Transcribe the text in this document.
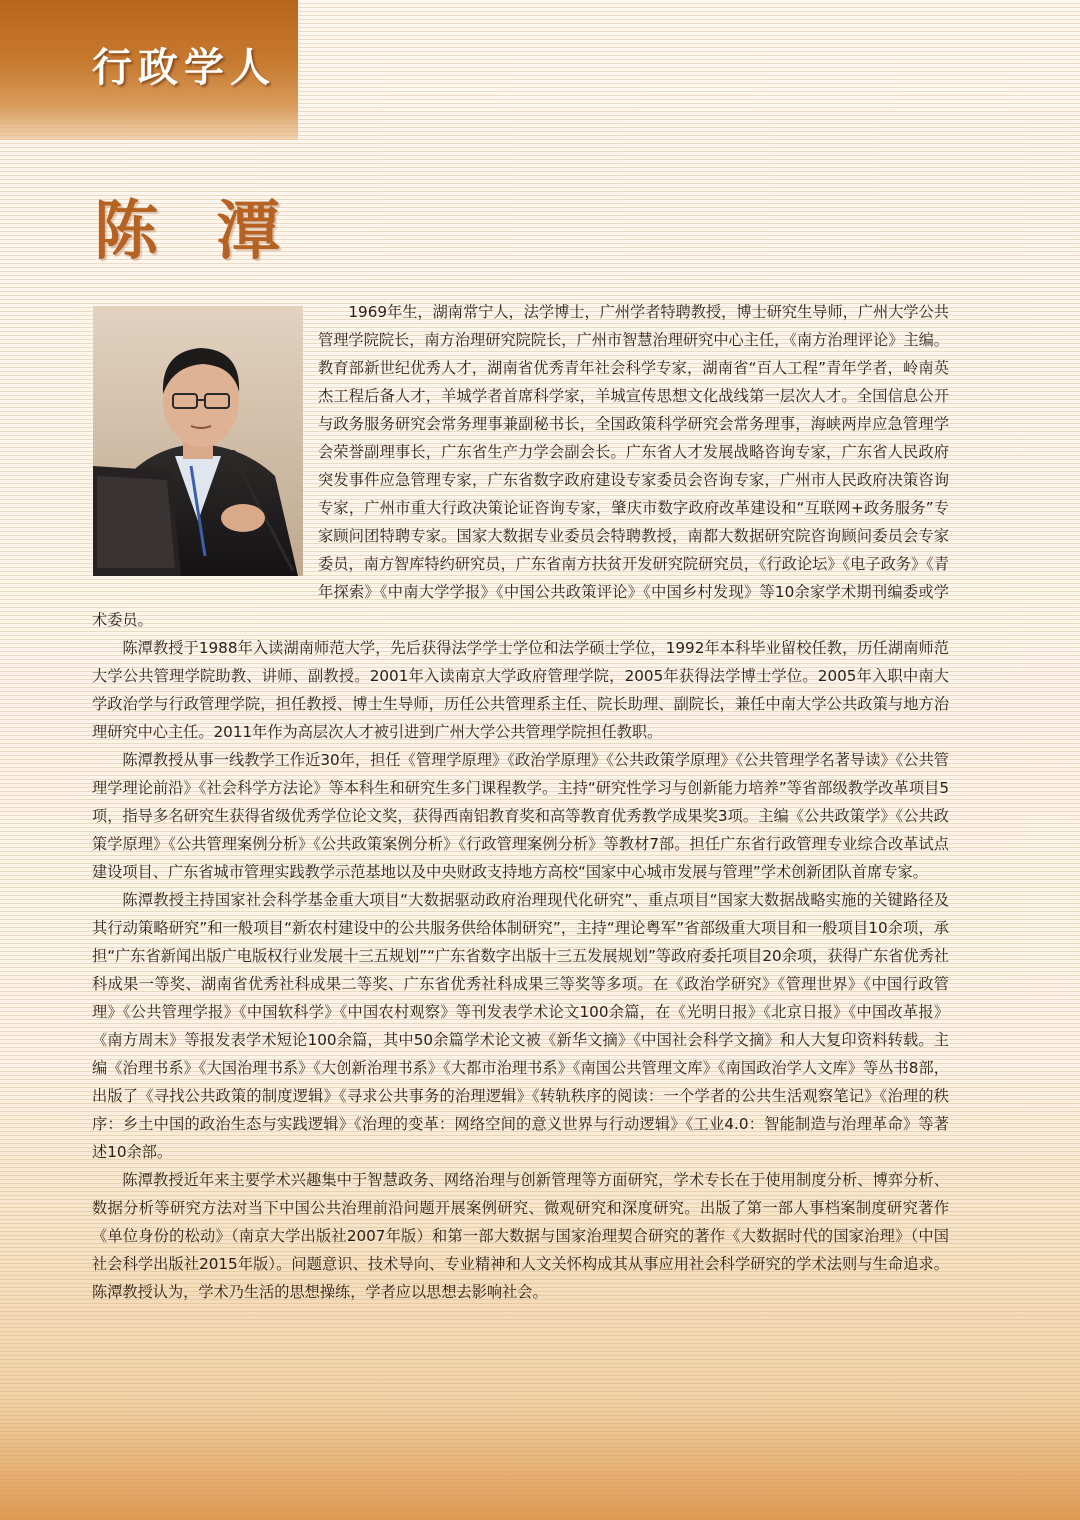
行政学人
陈 潭

1969年生，湖南常宁人，法学博士，广州学者特聘教授，博士研究生导师，广州大学公共管理学院院长，南方治理研究院院长，广州市智慧治理研究中心主任，《南方治理评论》主编。教育部新世纪优秀人才，湖南省优秀青年社会科学专家，湖南省“百人工程”青年学者，岭南英杰工程后备人才，羊城学者首席科学家，羊城宣传思想文化战线第一层次人才。全国信息公开与政务服务研究会常务理事兼副秘书长，全国政策科学研究会常务理事，海峡两岸应急管理学会荣誉副理事长，广东省生产力学会副会长。广东省人才发展战略咨询专家，广东省人民政府突发事件应急管理专家，广东省数字政府建设专家委员会咨询专家，广州市人民政府决策咨询专家，广州市重大行政决策论证咨询专家，肇庆市数字政府改革建设和“互联网+政务服务”专家顾问团特聘专家。国家大数据专业委员会特聘教授，南都大数据研究院咨询顾问委员会专家委员，南方智库特约研究员，广东省南方扶贫开发研究院研究员，《行政论坛》《电子政务》《青年探索》《中南大学学报》《中国公共政策评论》《中国乡村发现》等10余家学术期刊编委或学术委员。

陈潭教授于1988年入读湖南师范大学，先后获得法学学士学位和法学硕士学位，1992年本科毕业留校任教，历任湖南师范大学公共管理学院助教、讲师、副教授。2001年入读南京大学政府管理学院，2005年获得法学博士学位。2005年入职中南大学政治学与行政管理学院，担任教授、博士生导师，历任公共管理系主任、院长助理、副院长，兼任中南大学公共政策与地方治理研究中心主任。2011年作为高层次人才被引进到广州大学公共管理学院担任教职。

陈潭教授从事一线教学工作近30年，担任《管理学原理》《政治学原理》《公共政策学原理》《公共管理学名著导读》《公共管理学理论前沿》《社会科学方法论》等本科生和研究生多门课程教学。主持“研究性学习与创新能力培养”等省部级教学改革项目5项，指导多名研究生获得省级优秀学位论文奖，获得西南铝教育奖和高等教育优秀教学成果奖3项。主编《公共政策学》《公共政策学原理》《公共管理案例分析》《公共政策案例分析》《行政管理案例分析》等教材7部。担任广东省行政管理专业综合改革试点建设项目、广东省城市管理实践教学示范基地以及中央财政支持地方高校“国家中心城市发展与管理”学术创新团队首席专家。

陈潭教授主持国家社会科学基金重大项目“大数据驱动政府治理现代化研究”、重点项目“国家大数据战略实施的关键路径及其行动策略研究”和一般项目“新农村建设中的公共服务供给体制研究”，主持“理论粤军”省部级重大项目和一般项目10余项，承担“广东省新闻出版广电版权行业发展十三五规划”“广东省数字出版十三五发展规划”等政府委托项目20余项，获得广东省优秀社科成果一等奖、湖南省优秀社科成果二等奖、广东省优秀社科成果三等奖等多项。在《政治学研究》《管理世界》《中国行政管理》《公共管理学报》《中国软科学》《中国农村观察》等刊发表学术论文100余篇，在《光明日报》《北京日报》《中国改革报》《南方周末》等报发表学术短论100余篇，其中50余篇学术论文被《新华文摘》《中国社会科学文摘》和人大复印资料转载。主编《治理书系》《大国治理书系》《大创新治理书系》《大都市治理书系》《南国公共管理文库》《南国政治学人文库》等丛书8部，出版了《寻找公共政策的制度逻辑》《寻求公共事务的治理逻辑》《转轨秩序的阅读：一个学者的公共生活观察笔记》《治理的秩序：乡土中国的政治生态与实践逻辑》《治理的变革：网络空间的意义世界与行动逻辑》《工业4.0：智能制造与治理革命》等著述10余部。

陈潭教授近年来主要学术兴趣集中于智慧政务、网络治理与创新管理等方面研究，学术专长在于使用制度分析、博弈分析、数据分析等研究方法对当下中国公共治理前沿问题开展案例研究、微观研究和深度研究。出版了第一部人事档案制度研究著作《单位身份的松动》（南京大学出版社2007年版）和第一部大数据与国家治理契合研究的著作《大数据时代的国家治理》（中国社会科学出版社2015年版）。问题意识、技术导向、专业精神和人文关怀构成其从事应用社会科学研究的学术法则与生命追求。陈潭教授认为，学术乃生活的思想操练，学者应以思想去影响社会。
